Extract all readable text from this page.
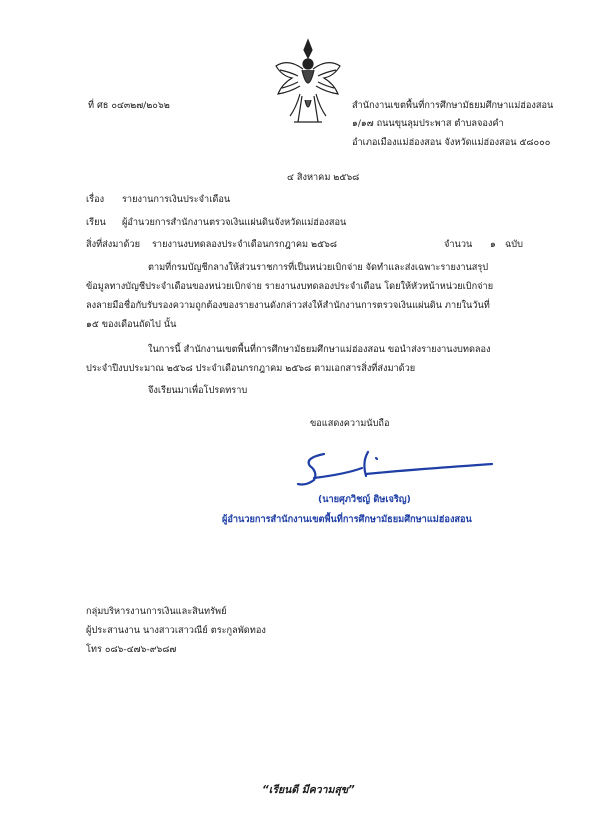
ที่ ศธ ๐๔๓๒๗/๒๐๖๒	สำนักงานเขตพื้นที่การศึกษามัธยมศึกษาแม่ฮ่องสอน
๑/๑๗ ถนนขุนลุมประพาส ตำบลจองคำ
อำเภอเมืองแม่ฮ่องสอน จังหวัดแม่ฮ่องสอน ๕๘๐๐๐
๔ สิงหาคม ๒๕๖๘
เรื่อง รายงานการเงินประจำเดือน
เรียน ผู้อำนวยการสำนักงานตรวจเงินแผ่นดินจังหวัดแม่ฮ่องสอน
สิ่งที่ส่งมาด้วย รายงานงบทดลองประจำเดือนกรกฎาคม ๒๕๖๘	จำนวน ๑ ฉบับ
ตามที่กรมบัญชีกลางให้ส่วนราชการที่เป็นหน่วยเบิกจ่าย จัดทำและส่งเฉพาะรายงานสรุป
ข้อมูลทางบัญชีประจำเดือนของหน่วยเบิกจ่าย รายงานงบทดลองประจำเดือน โดยให้หัวหน้าหน่วยเบิกจ่าย
ลงลายมือชื่อกับรับรองความถูกต้องของรายงานดังกล่าวส่งให้สำนักงานการตรวจเงินแผ่นดิน ภายในวันที่
๑๕ ของเดือนถัดไป นั้น
ในการนี้ สำนักงานเขตพื้นที่การศึกษามัธยมศึกษาแม่ฮ่องสอน ขอนำส่งรายงานงบทดลอง
ประจำปีงบประมาณ ๒๕๖๘ ประจำเดือนกรกฎาคม ๒๕๖๘ ตามเอกสารสิ่งที่ส่งมาด้วย
จึงเรียนมาเพื่อโปรดทราบ
ขอแสดงความนับถือ
(นายศุภวิชญ์ ดิษเจริญ)
ผู้อำนวยการสำนักงานเขตพื้นที่การศึกษามัธยมศึกษาแม่ฮ่องสอน
กลุ่มบริหารงานการเงินและสินทรัพย์
ผู้ประสานงาน นางสาวเสาวณีย์ ตระกูลพัดทอง
โทร ๐๘๖-๔๗๖-๙๖๘๗
“เรียนดี มีความสุข”
